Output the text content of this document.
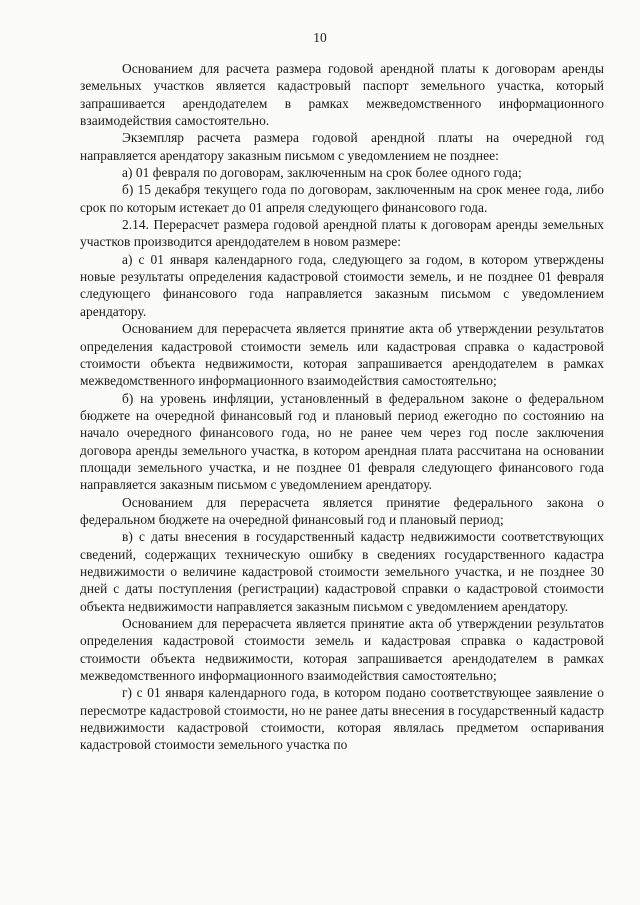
10

Основанием для расчета размера годовой арендной платы к договорам аренды земельных участков является кадастровый паспорт земельного участка, который запрашивается арендодателем в рамках межведомственного информационного взаимодействия самостоятельно.

Экземпляр расчета размера годовой арендной платы на очередной год направляется арендатору заказным письмом с уведомлением не позднее:

а) 01 февраля по договорам, заключенным на срок более одного года;

б) 15 декабря текущего года по договорам, заключенным на срок менее года, либо срок по которым истекает до 01 апреля следующего финансового года.

2.14. Перерасчет размера годовой арендной платы к договорам аренды земельных участков производится арендодателем в новом размере:

а) с 01 января календарного года, следующего за годом, в котором утверждены новые результаты определения кадастровой стоимости земель, и не позднее 01 февраля следующего финансового года направляется заказным письмом с уведомлением арендатору.

Основанием для перерасчета является принятие акта об утверждении результатов определения кадастровой стоимости земель или кадастровая справка о кадастровой стоимости объекта недвижимости, которая запрашивается арендодателем в рамках межведомственного информационного взаимодействия самостоятельно;

б) на уровень инфляции, установленный в федеральном законе о федеральном бюджете на очередной финансовый год и плановый период ежегодно по состоянию на начало очередного финансового года, но не ранее чем через год после заключения договора аренды земельного участка, в котором арендная плата рассчитана на основании площади земельного участка, и не позднее 01 февраля следующего финансового года направляется заказным письмом с уведомлением арендатору.

Основанием для перерасчета является принятие федерального закона о федеральном бюджете на очередной финансовый год и плановый период;

в) с даты внесения в государственный кадастр недвижимости соответствующих сведений, содержащих техническую ошибку в сведениях государственного кадастра недвижимости о величине кадастровой стоимости земельного участка, и не позднее 30 дней с даты поступления (регистрации) кадастровой справки о кадастровой стоимости объекта недвижимости направляется заказным письмом с уведомлением арендатору.

Основанием для перерасчета является принятие акта об утверждении результатов определения кадастровой стоимости земель и кадастровая справка о кадастровой стоимости объекта недвижимости, которая запрашивается арендодателем в рамках межведомственного информационного взаимодействия самостоятельно;

г) с 01 января календарного года, в котором подано соответствующее заявление о пересмотре кадастровой стоимости, но не ранее даты внесения в государственный кадастр недвижимости кадастровой стоимости, которая являлась предметом оспаривания кадастровой стоимости земельного участка по
